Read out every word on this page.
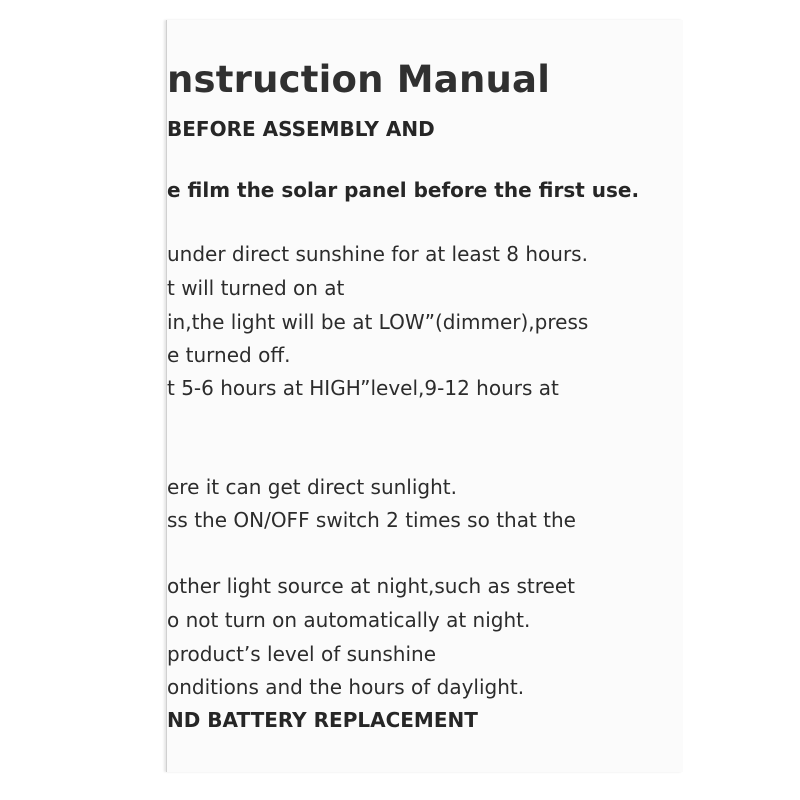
nstruction Manual
BEFORE ASSEMBLY AND
e film the solar panel before the first use.
under direct sunshine for at least 8 hours.
t will turned on at
in,the light will be at LOW”(dimmer),press
e turned off.
t 5-6 hours at HIGH”level,9-12 hours at
ere it can get direct sunlight.
ss the ON/OFF switch 2 times so that the
other light source at night,such as street
o not turn on automatically at night.
product’s level of sunshine
onditions and the hours of daylight.
ND BATTERY REPLACEMENT
